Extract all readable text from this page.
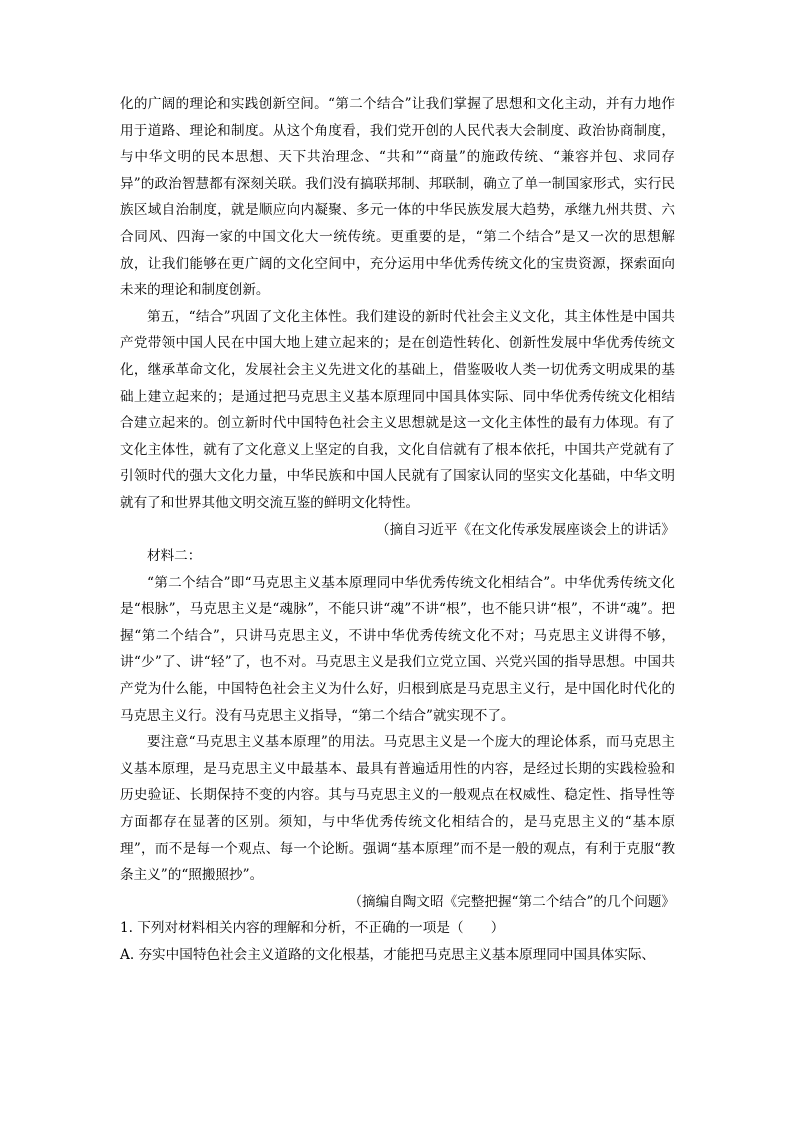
化的广阔的理论和实践创新空间。“第二个结合”让我们掌握了思想和文化主动，并有力地作用于道路、理论和制度。从这个角度看，我们党开创的人民代表大会制度、政治协商制度，与中华文明的民本思想、天下共治理念、“共和”“商量”的施政传统、“兼容并包、求同存异”的政治智慧都有深刻关联。我们没有搞联邦制、邦联制，确立了单一制国家形式，实行民族区域自治制度，就是顺应向内凝聚、多元一体的中华民族发展大趋势，承继九州共贯、六合同风、四海一家的中国文化大一统传统。更重要的是，“第二个结合”是又一次的思想解放，让我们能够在更广阔的文化空间中，充分运用中华优秀传统文化的宝贵资源，探索面向未来的理论和制度创新。

第五，“结合”巩固了文化主体性。我们建设的新时代社会主义文化，其主体性是中国共产党带领中国人民在中国大地上建立起来的；是在创造性转化、创新性发展中华优秀传统文化，继承革命文化，发展社会主义先进文化的基础上，借鉴吸收人类一切优秀文明成果的基础上建立起来的；是通过把马克思主义基本原理同中国具体实际、同中华优秀传统文化相结合建立起来的。创立新时代中国特色社会主义思想就是这一文化主体性的最有力体现。有了文化主体性，就有了文化意义上坚定的自我，文化自信就有了根本依托，中国共产党就有了引领时代的强大文化力量，中华民族和中国人民就有了国家认同的坚实文化基础，中华文明就有了和世界其他文明交流互鉴的鲜明文化特性。

（摘自习近平《在文化传承发展座谈会上的讲话》

材料二：

“第二个结合”即“马克思主义基本原理同中华优秀传统文化相结合”。中华优秀传统文化是“根脉”，马克思主义是“魂脉”，不能只讲“魂”不讲“根”，也不能只讲“根”，不讲“魂”。把握“第二个结合”，只讲马克思主义，不讲中华优秀传统文化不对；马克思主义讲得不够，讲“少”了、讲“轻”了，也不对。马克思主义是我们立党立国、兴党兴国的指导思想。中国共产党为什么能，中国特色社会主义为什么好，归根到底是马克思主义行，是中国化时代化的马克思主义行。没有马克思主义指导，“第二个结合”就实现不了。

要注意“马克思主义基本原理”的用法。马克思主义是一个庞大的理论体系，而马克思主义基本原理，是马克思主义中最基本、最具有普遍适用性的内容，是经过长期的实践检验和历史验证、长期保持不变的内容。其与马克思主义的一般观点在权威性、稳定性、指导性等方面都存在显著的区别。须知，与中华优秀传统文化相结合的，是马克思主义的“基本原理”，而不是每一个观点、每一个论断。强调“基本原理”而不是一般的观点，有利于克服“教条主义”的“照搬照抄”。

（摘编自陶文昭《完整把握“第二个结合”的几个问题》

1. 下列对材料相关内容的理解和分析，不正确的一项是（　　）

A. 夯实中国特色社会主义道路的文化根基，才能把马克思主义基本原理同中国具体实际、
